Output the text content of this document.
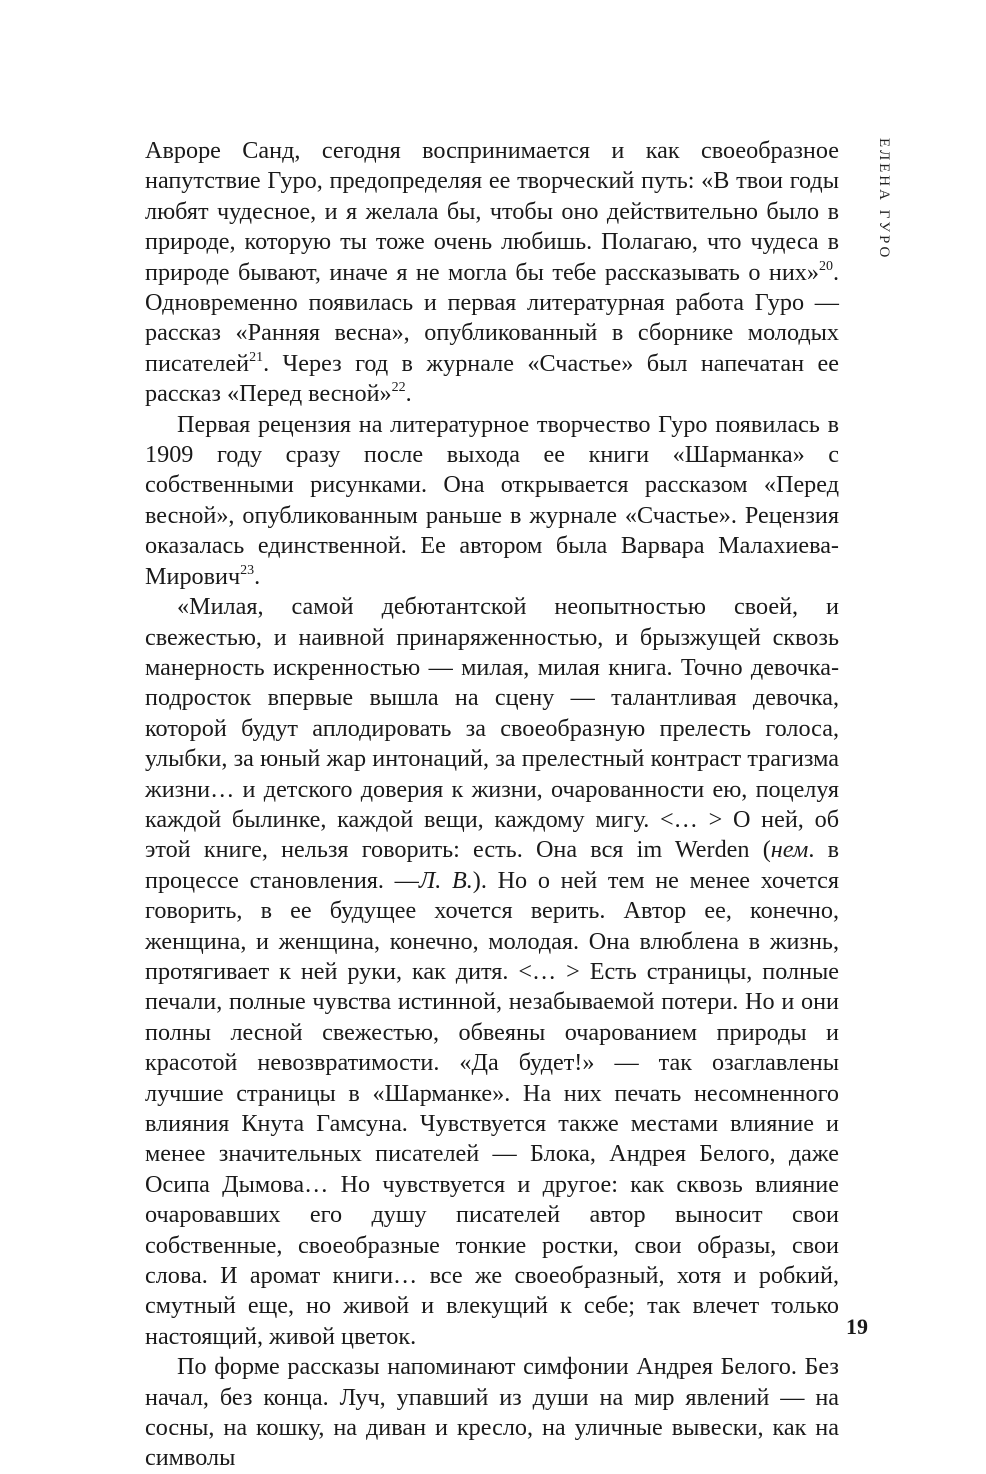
ЕЛЕНА ГУРО

Авроре Санд, сегодня воспринимается и как своеобразное напутствие Гуро, предопределяя ее творческий путь: «В твои годы любят чудесное, и я желала бы, чтобы оно действительно было в природе, которую ты тоже очень любишь. Полагаю, что чудеса в природе бывают, иначе я не могла бы тебе рассказывать о них»$^{20}$. Одновременно появилась и первая литературная работа Гуро — рассказ «Ранняя весна», опубликованный в сборнике молодых писателей$^{21}$. Через год в журнале «Счастье» был напечатан ее рассказ «Перед весной»$^{22}$.

Первая рецензия на литературное творчество Гуро появилась в 1909 году сразу после выхода ее книги «Шарманка» с собственными рисунками. Она открывается рассказом «Перед весной», опубликованным раньше в журнале «Счастье». Рецензия оказалась единственной. Ее автором была Варвара Малахиева-Мирович$^{23}$.

«Милая, самой дебютантской неопытностью своей, и свежестью, и наивной принаряженностью, и брызжущей сквозь манерность искренностью — милая, милая книга. Точно девочка-подросток впервые вышла на сцену — талантливая девочка, которой будут аплодировать за своеобразную прелесть голоса, улыбки, за юный жар интонаций, за прелестный контраст трагизма жизни… и детского доверия к жизни, очарованности ею, поцелуя каждой былинке, каждой вещи, каждому мигу. <… > О ней, об этой книге, нельзя говорить: есть. Она вся im Werden (нем. в процессе становления. —Л. В.). Но о ней тем не менее хочется говорить, в ее будущее хочется верить. Автор ее, конечно, женщина, и женщина, конечно, молодая. Она влюблена в жизнь, протягивает к ней руки, как дитя. <… > Есть страницы, полные печали, полные чувства истинной, незабываемой потери. Но и они полны лесной свежестью, обвеяны очарованием природы и красотой невозвратимости. «Да будет!» — так озаглавлены лучшие страницы в «Шарманке». На них печать несомненного влияния Кнута Гамсуна. Чувствуется также местами влияние и менее значительных писателей — Блока, Андрея Белого, даже Осипа Дымова… Но чувствуется и другое: как сквозь влияние очаровавших его душу писателей автор выносит свои собственные, своеобразные тонкие ростки, свои образы, свои слова. И аромат книги… все же своеобразный, хотя и робкий, смутный еще, но живой и влекущий к себе; так влечет только настоящий, живой цветок.

По форме рассказы напоминают симфонии Андрея Белого. Без начал, без конца. Луч, упавший из души на мир явлений — на сосны, на кошку, на диван и кресло, на уличные вывески, как на символы

19
